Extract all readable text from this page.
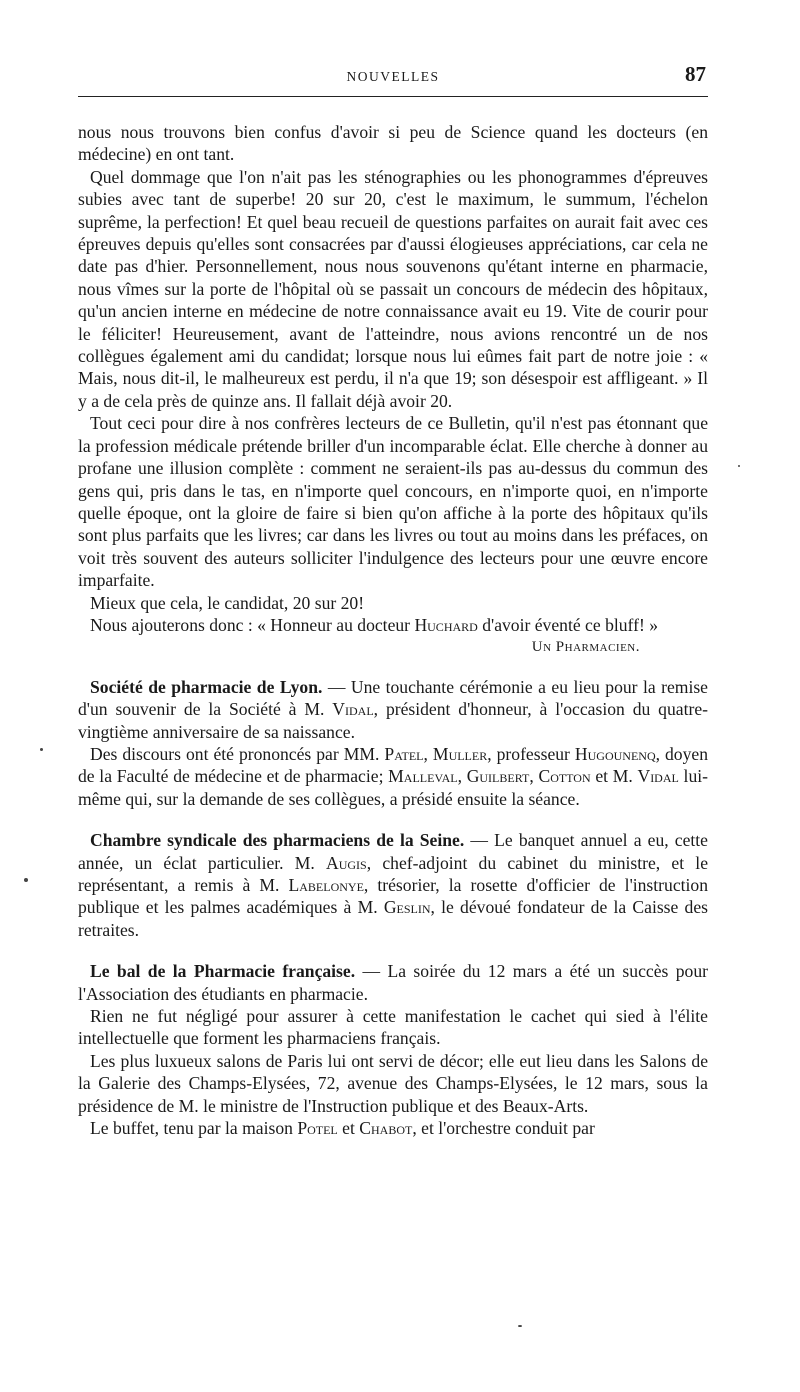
NOUVELLES	87

nous nous trouvons bien confus d'avoir si peu de Science quand les docteurs (en médecine) en ont tant.

Quel dommage que l'on n'ait pas les sténographies ou les phonogrammes d'épreuves subies avec tant de superbe! 20 sur 20, c'est le maximum, le summum, l'échelon suprême, la perfection! Et quel beau recueil de questions parfaites on aurait fait avec ces épreuves depuis qu'elles sont consacrées par d'aussi élogieuses appréciations, car cela ne date pas d'hier. Personnellement, nous nous souvenons qu'étant interne en pharmacie, nous vîmes sur la porte de l'hôpital où se passait un concours de médecin des hôpitaux, qu'un ancien interne en médecine de notre connaissance avait eu 19. Vite de courir pour le féliciter! Heureusement, avant de l'atteindre, nous avions rencontré un de nos collègues également ami du candidat; lorsque nous lui eûmes fait part de notre joie : « Mais, nous dit-il, le malheureux est perdu, il n'a que 19; son désespoir est affligeant. » Il y a de cela près de quinze ans. Il fallait déjà avoir 20.

Tout ceci pour dire à nos confrères lecteurs de ce Bulletin, qu'il n'est pas étonnant que la profession médicale prétende briller d'un incomparable éclat. Elle cherche à donner au profane une illusion complète : comment ne seraient-ils pas au-dessus du commun des gens qui, pris dans le tas, en n'importe quel concours, en n'importe quoi, en n'importe quelle époque, ont la gloire de faire si bien qu'on affiche à la porte des hôpitaux qu'ils sont plus parfaits que les livres; car dans les livres ou tout au moins dans les préfaces, on voit très souvent des auteurs solliciter l'indulgence des lecteurs pour une œuvre encore imparfaite.

Mieux que cela, le candidat, 20 sur 20!

Nous ajouterons donc : « Honneur au docteur Huchard d'avoir éventé ce bluff! »

Un Pharmacien.

Société de pharmacie de Lyon. — Une touchante cérémonie a eu lieu pour la remise d'un souvenir de la Société à M. Vidal, président d'honneur, à l'occasion du quatre-vingtième anniversaire de sa naissance.

Des discours ont été prononcés par MM. Patel, Muller, professeur Hugounenq, doyen de la Faculté de médecine et de pharmacie; Malleval, Guilbert, Cotton et M. Vidal lui-même qui, sur la demande de ses collègues, a présidé ensuite la séance.

Chambre syndicale des pharmaciens de la Seine. — Le banquet annuel a eu, cette année, un éclat particulier. M. Augis, chef-adjoint du cabinet du ministre, et le représentant, a remis à M. Labelonye, trésorier, la rosette d'officier de l'instruction publique et les palmes académiques à M. Geslin, le dévoué fondateur de la Caisse des retraites.

Le bal de la Pharmacie française. — La soirée du 12 mars a été un succès pour l'Association des étudiants en pharmacie.

Rien ne fut négligé pour assurer à cette manifestation le cachet qui sied à l'élite intellectuelle que forment les pharmaciens français.

Les plus luxueux salons de Paris lui ont servi de décor; elle eut lieu dans les Salons de la Galerie des Champs-Elysées, 72, avenue des Champs-Elysées, le 12 mars, sous la présidence de M. le ministre de l'Instruction publique et des Beaux-Arts.

Le buffet, tenu par la maison Potel et Chabot, et l'orchestre conduit par
